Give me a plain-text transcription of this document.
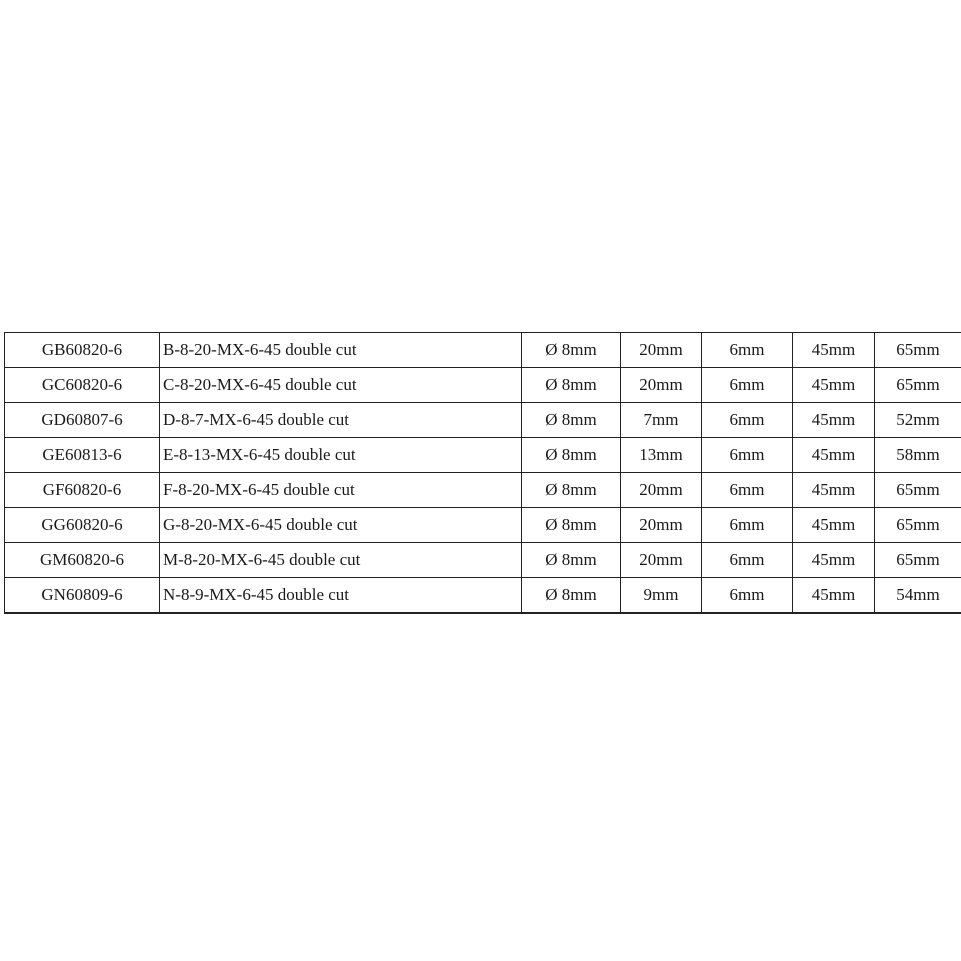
GB60820-6	B-8-20-MX-6-45 double cut	Ø 8mm	20mm	6mm	45mm	65mm
GC60820-6	C-8-20-MX-6-45 double cut	Ø 8mm	20mm	6mm	45mm	65mm
GD60807-6	D-8-7-MX-6-45 double cut	Ø 8mm	7mm	6mm	45mm	52mm
GE60813-6	E-8-13-MX-6-45 double cut	Ø 8mm	13mm	6mm	45mm	58mm
GF60820-6	F-8-20-MX-6-45 double cut	Ø 8mm	20mm	6mm	45mm	65mm
GG60820-6	G-8-20-MX-6-45 double cut	Ø 8mm	20mm	6mm	45mm	65mm
GM60820-6	M-8-20-MX-6-45 double cut	Ø 8mm	20mm	6mm	45mm	65mm
GN60809-6	N-8-9-MX-6-45 double cut	Ø 8mm	9mm	6mm	45mm	54mm
